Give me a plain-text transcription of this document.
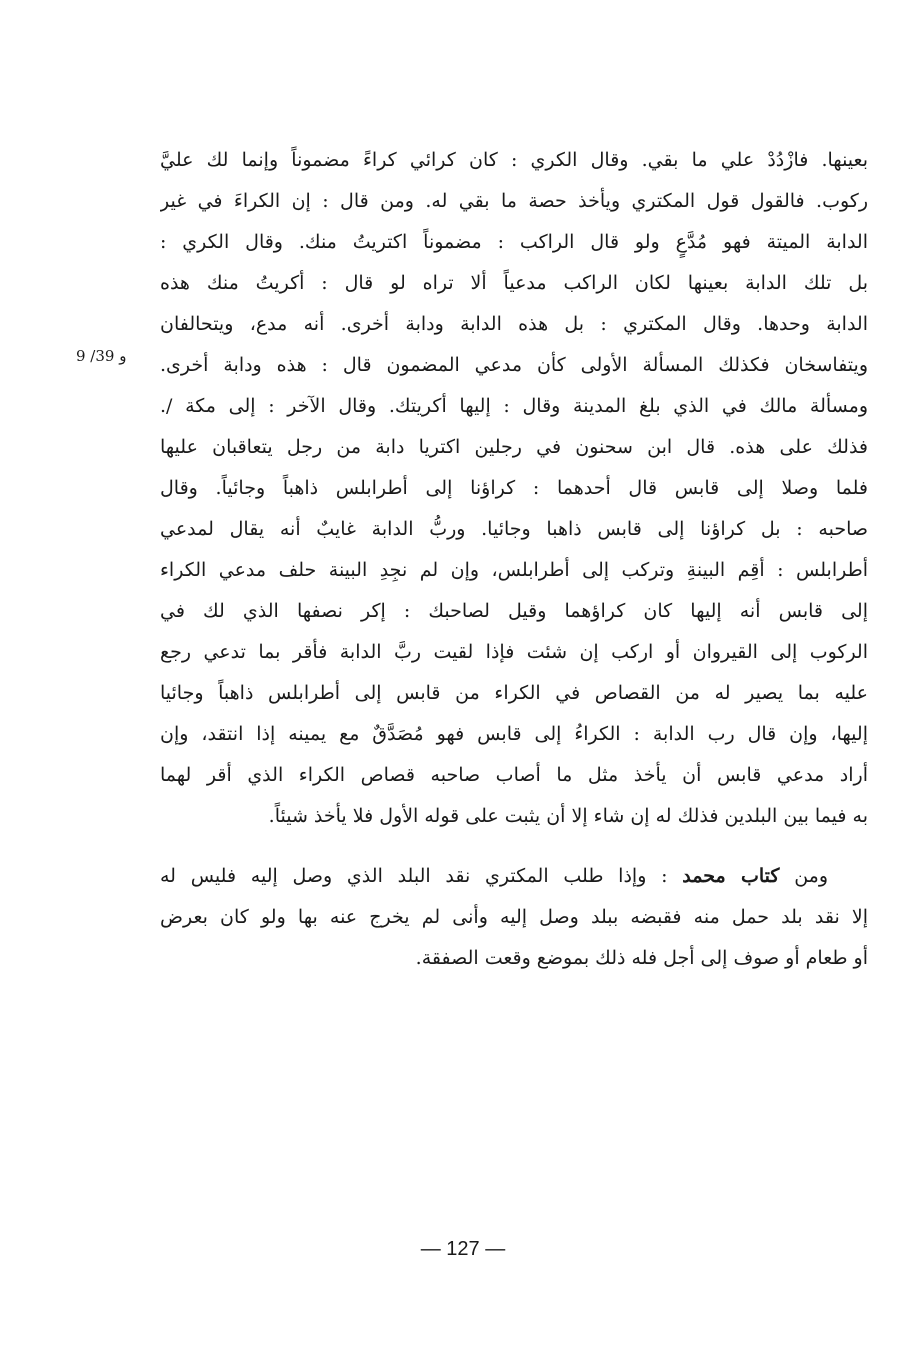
بعينها. فازْدُدْ علي ما بقي. وقال الكري : كان كرائي كراءً مضموناً وإنما لك عليَّ
ركوب. فالقول قول المكتري ويأخذ حصة ما بقي له. ومن قال : إن الكراءَ في غير
الدابة الميتة فهو مُدَّعٍ ولو قال الراكب : مضموناً اكتريتُ منك. وقال الكري :
بل تلك الدابة بعينها لكان الراكب مدعياً ألا تراه لو قال : أكريتُ منك هذه
الدابة وحدها. وقال المكتري : بل هذه الدابة ودابة أخرى. أنه مدع، ويتحالفان
ويتفاسخان فكذلك المسألة الأولى كأن مدعي المضمون قال : هذه ودابة أخرى.
ومسألة مالك في الذي بلغ المدينة وقال : إليها أكريتك. وقال الآخر : إلى مكة /.
فذلك على هذه. قال ابن سحنون في رجلين اكتريا دابة من رجل يتعاقبان عليها
فلما وصلا إلى قابس قال أحدهما : كراؤنا إلى أطرابلس ذاهباً وجائياً. وقال
صاحبه : بل كراؤنا إلى قابس ذاهبا وجائيا. وربُّ الدابة غايبٌ أنه يقال لمدعي
أطرابلس : أقِم البينةِ وتركب إلى أطرابلس، وإن لم نجِدِ البينة حلف مدعي الكراء
إلى قابس أنه إليها كان كراؤهما وقيل لصاحبك : إكر نصفها الذي لك في
الركوب إلى القيروان أو اركب إن شئت فإذا لقيت ربَّ الدابة فأقر بما تدعي رجع
عليه بما يصير له من القصاص في الكراء من قابس إلى أطرابلس ذاهباً وجائيا
إليها، وإن قال رب الدابة : الكراءُ إلى قابس فهو مُصَدَّقٌ مع يمينه إذا انتقد، وإن
أراد مدعي قابس أن يأخذ مثل ما أصاب صاحبه قصاص الكراء الذي أقر لهما
به فيما بين البلدين فذلك له إن شاء إلا أن يثبت على قوله الأول فلا يأخذ شيئاً.
ومن كتاب محمد : وإذا طلب المكتري نقد البلد الذي وصل إليه فليس له
إلا نقد بلد حمل منه فقبضه ببلد وصل إليه وأنى لم يخرج عنه بها ولو كان بعرض
أو طعام أو صوف إلى أجل فله ذلك بموضع وقعت الصفقة.
9 /39 و
— 127 —
